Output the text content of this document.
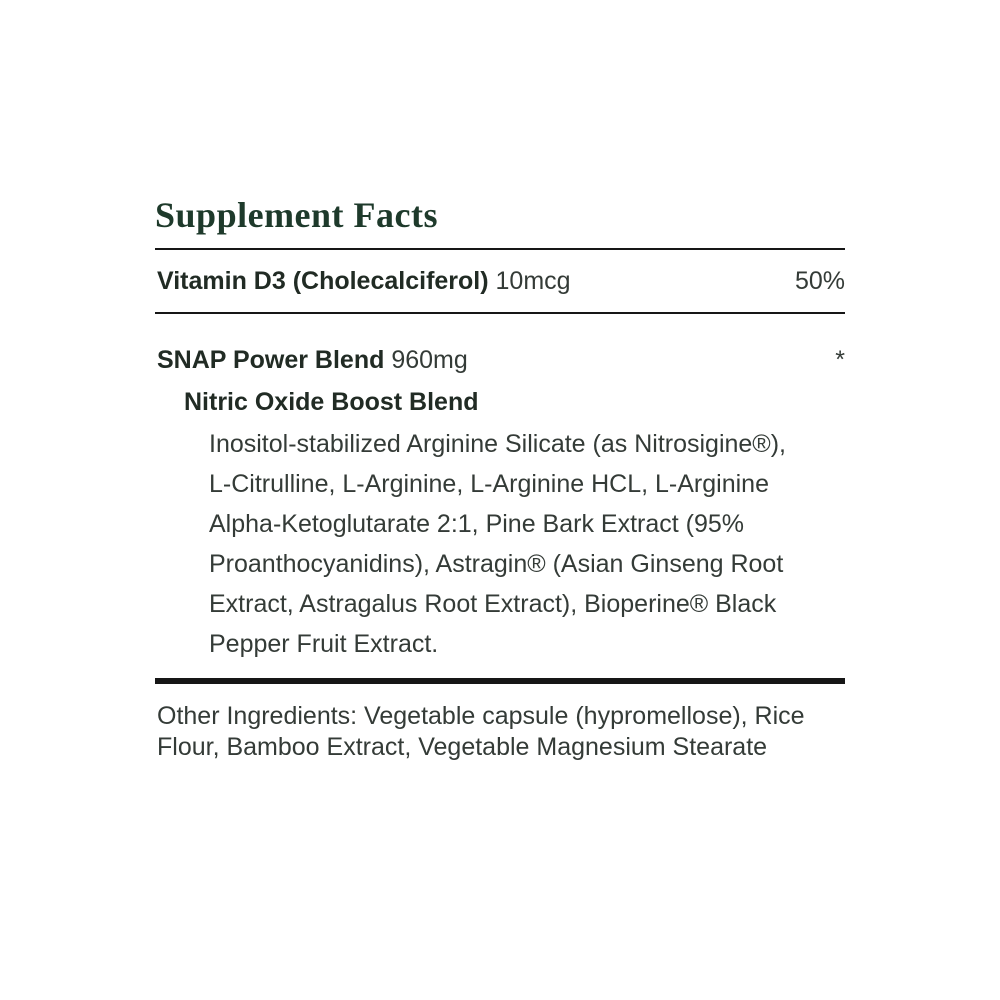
Supplement Facts
Vitamin D3 (Cholecalciferol) 10mcg	50%
SNAP Power Blend 960mg	*
Nitric Oxide Boost Blend
Inositol-stabilized Arginine Silicate (as Nitrosigine®),
L-Citrulline, L-Arginine, L-Arginine HCL, L-Arginine
Alpha-Ketoglutarate 2:1, Pine Bark Extract (95%
Proanthocyanidins), Astragin® (Asian Ginseng Root
Extract, Astragalus Root Extract), Bioperine® Black
Pepper Fruit Extract.
Other Ingredients: Vegetable capsule (hypromellose), Rice
Flour, Bamboo Extract, Vegetable Magnesium Stearate
